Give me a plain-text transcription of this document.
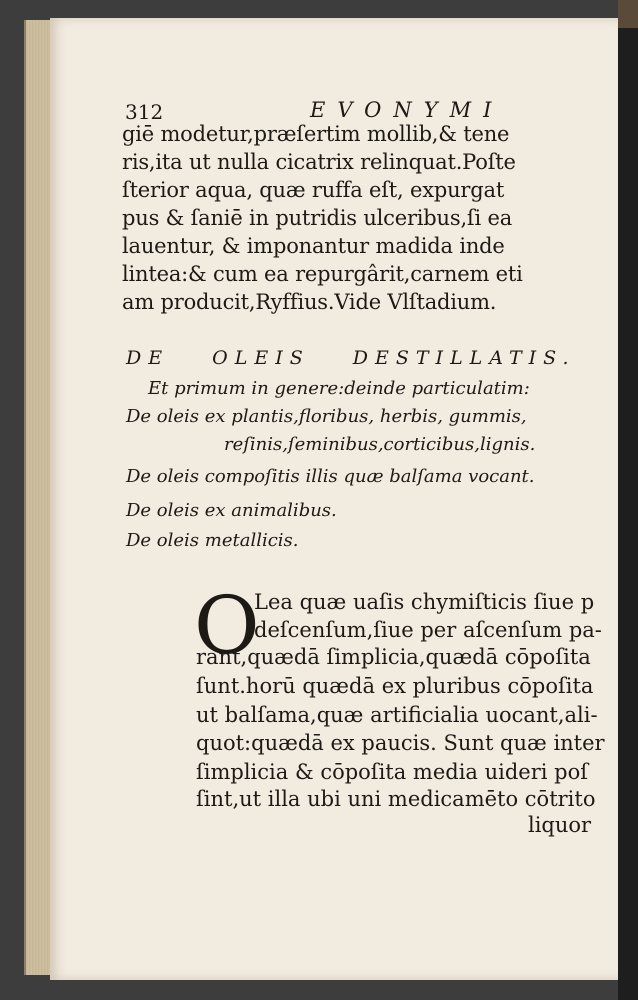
312	EVONYMI
giē modetur,præſertim mollib,& tene
ris,ita ut nulla cicatrix relinquat.Poſte
ſterior aqua, quæ ruffa eſt, expurgat
pus & ſaniē in putridis ulceribus,ſi ea
lauentur, & imponantur madida inde
lintea:& cum ea repurgârit,carnem eti
am producit,Ryffius.Vide Vlſtadium.
DE OLEIS DESTILLATIS.
Et primum in genere:deinde particulatim:
De oleis ex plantis,floribus, herbis, gummis,
reſinis,ſeminibus,corticibus,lignis.
De oleis compoſitis illis quæ balſama vocant.
De oleis ex animalibus.
De oleis metallicis.
O
Lea quæ uaſis chymiſticis ſiue p
deſcenſum,ſiue per aſcenſum pa-
rant,quædā ſimplicia,quædā cōpoſita
ſunt.horū quædā ex pluribus cōpoſita
ut balſama,quæ artificialia uocant,ali-
quot:quædā ex paucis. Sunt quæ inter
ſimplicia & cōpoſita media uideri poſ
ſint,ut illa ubi uni medicamēto cōtrito
liquor
